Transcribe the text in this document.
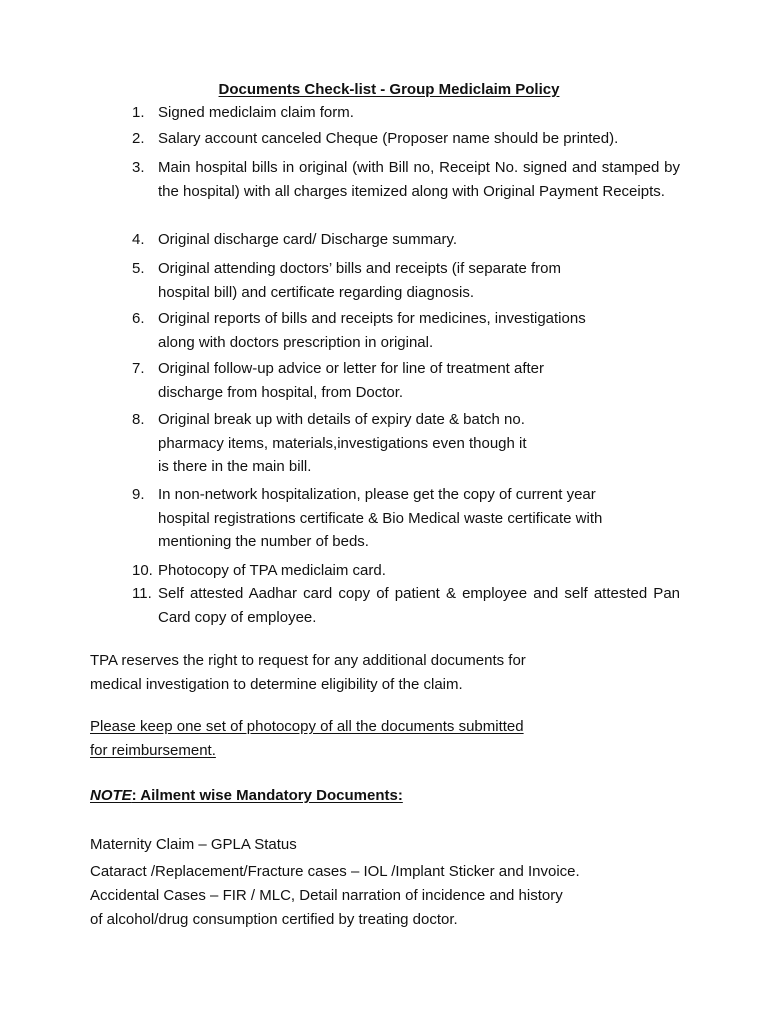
Documents Check-list - Group Mediclaim Policy
1. Signed mediclaim claim form.
2. Salary account canceled Cheque (Proposer name should be printed).
3. Main hospital bills in original (with Bill no, Receipt No. signed and stamped by the hospital) with all charges itemized along with Original Payment Receipts.
4. Original discharge card/ Discharge summary.
5. Original attending doctors’ bills and receipts (if separate from
hospital bill) and certificate regarding diagnosis.
6. Original reports of bills and receipts for medicines, investigations
along with doctors prescription in original.
7. Original follow-up advice or letter for line of treatment after
discharge from hospital, from Doctor.
8. Original break up with details of expiry date & batch no.
pharmacy items, materials,investigations even though it
is there in the main bill.
9. In non-network hospitalization, please get the copy of current year
hospital registrations certificate & Bio Medical waste certificate with
mentioning the number of beds.
10. Photocopy of TPA mediclaim card.
11. Self attested Aadhar card copy of patient & employee and self attested Pan Card copy of employee.
TPA reserves the right to request for any additional documents for
medical investigation to determine eligibility of the claim.
Please keep one set of photocopy of all the documents submitted
for reimbursement.
NOTE: Ailment wise Mandatory Documents:
Maternity Claim – GPLA Status
Cataract /Replacement/Fracture cases – IOL /Implant Sticker and Invoice.
Accidental Cases – FIR / MLC, Detail narration of incidence and history
of alcohol/drug consumption certified by treating doctor.
